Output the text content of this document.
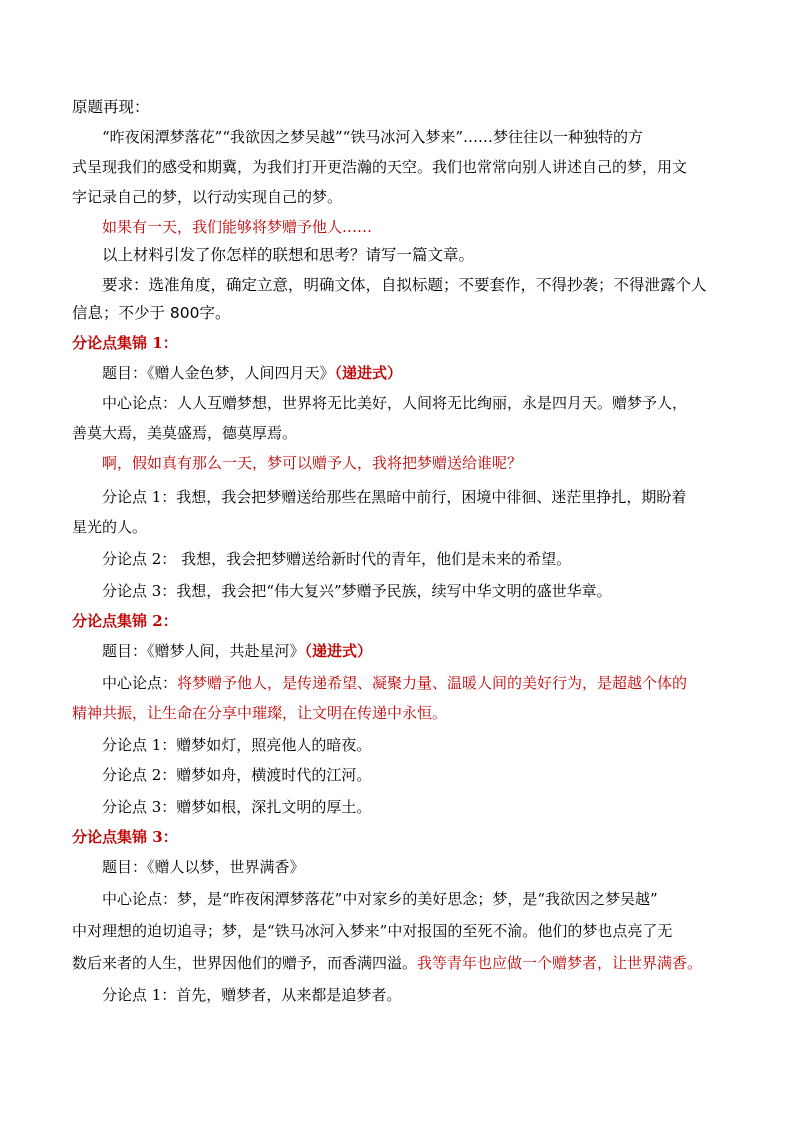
原题再现：
“昨夜闲潭梦落花”“我欲因之梦吴越”“铁马冰河入梦来”……梦往往以一种独特的方
式呈现我们的感受和期冀，为我们打开更浩瀚的天空。我们也常常向别人讲述自己的梦，用文
字记录自己的梦，以行动实现自己的梦。
如果有一天，我们能够将梦赠予他人……
以上材料引发了你怎样的联想和思考？请写一篇文章。
要求：选准角度，确定立意，明确文体，自拟标题；不要套作，不得抄袭；不得泄露个人
信息；不少于 800字。
分论点集锦 1：
题目：《赠人金色梦，人间四月天》（递进式）
中心论点：人人互赠梦想，世界将无比美好，人间将无比绚丽，永是四月天。赠梦予人，
善莫大焉，美莫盛焉，德莫厚焉。
啊，假如真有那么一天，梦可以赠予人，我将把梦赠送给谁呢？
分论点 1：我想，我会把梦赠送给那些在黑暗中前行，困境中徘徊、迷茫里挣扎，期盼着
星光的人。
分论点 2： 我想，我会把梦赠送给新时代的青年，他们是未来的希望。
分论点 3：我想，我会把“伟大复兴”梦赠予民族，续写中华文明的盛世华章。
分论点集锦 2：
题目：《赠梦人间，共赴星河》（递进式）
中心论点：将梦赠予他人，是传递希望、凝聚力量、温暖人间的美好行为，是超越个体的
精神共振，让生命在分享中璀璨，让文明在传递中永恒。
分论点 1：赠梦如灯，照亮他人的暗夜。
分论点 2：赠梦如舟，横渡时代的江河。
分论点 3：赠梦如根，深扎文明的厚土。
分论点集锦 3：
题目：《赠人以梦，世界满香》
中心论点：梦，是“昨夜闲潭梦落花”中对家乡的美好思念；梦，是“我欲因之梦吴越”
中对理想的迫切追寻；梦，是“铁马冰河入梦来”中对报国的至死不渝。他们的梦也点亮了无
数后来者的人生，世界因他们的赠予，而香满四溢。我等青年也应做一个赠梦者，让世界满香。
分论点 1：首先，赠梦者，从来都是追梦者。
